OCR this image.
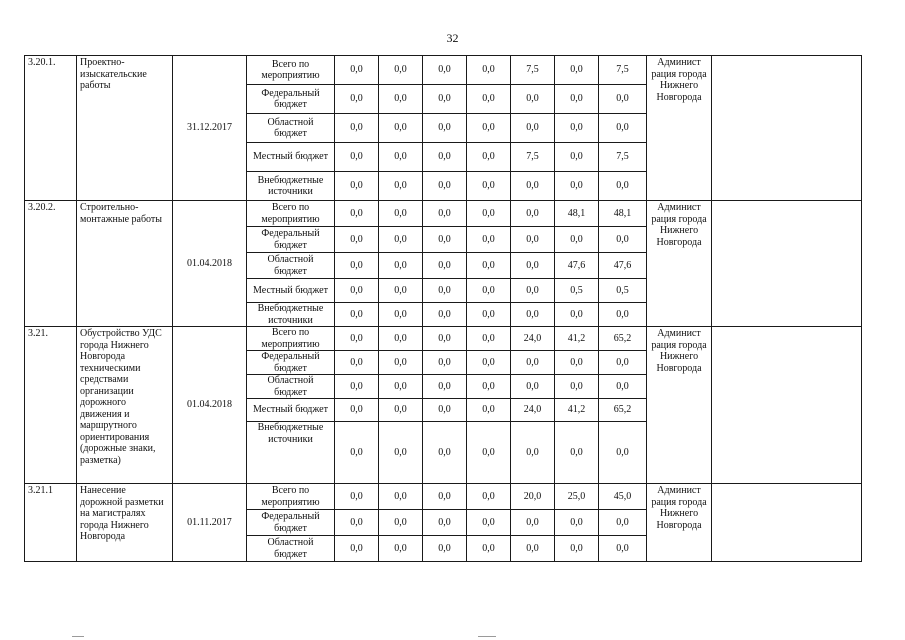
32
3.20.1.	Проектно-изыскательские работы	31.12.2017	Всего по мероприятию	0,0	0,0	0,0	0,0	7,5	0,0	7,5	Админист рация города Нижнего Новгорода	
			Федеральный бюджет	0,0	0,0	0,0	0,0	0,0	0,0	0,0		
			Областной бюджет	0,0	0,0	0,0	0,0	0,0	0,0	0,0		
			Местный бюджет	0,0	0,0	0,0	0,0	7,5	0,0	7,5		
			Внебюджетные источники	0,0	0,0	0,0	0,0	0,0	0,0	0,0		
3.20.2.	Строительно-монтажные работы	01.04.2018	Всего по мероприятию	0,0	0,0	0,0	0,0	0,0	48,1	48,1	Админист рация города Нижнего Новгорода	
			Федеральный бюджет	0,0	0,0	0,0	0,0	0,0	0,0	0,0		
			Областной бюджет	0,0	0,0	0,0	0,0	0,0	47,6	47,6		
			Местный бюджет	0,0	0,0	0,0	0,0	0,0	0,5	0,5		
			Внебюджетные источники	0,0	0,0	0,0	0,0	0,0	0,0	0,0		
3.21.	Обустройство УДС города Нижнего Новгорода техническими средствами организации дорожного движения и маршрутного ориентирования (дорожные знаки, разметка)	01.04.2018	Всего по мероприятию	0,0	0,0	0,0	0,0	24,0	41,2	65,2	Админист рация города Нижнего Новгорода	
			Федеральный бюджет	0,0	0,0	0,0	0,0	0,0	0,0	0,0		
			Областной бюджет	0,0	0,0	0,0	0,0	0,0	0,0	0,0		
			Местный бюджет	0,0	0,0	0,0	0,0	24,0	41,2	65,2		
			Внебюджетные источники	0,0	0,0	0,0	0,0	0,0	0,0	0,0		
3.21.1	Нанесение дорожной разметки на магистралях города Нижнего Новгорода	01.11.2017	Всего по мероприятию	0,0	0,0	0,0	0,0	20,0	25,0	45,0	Админист рация города Нижнего Новгорода	
			Федеральный бюджет	0,0	0,0	0,0	0,0	0,0	0,0	0,0		
			Областной бюджет	0,0	0,0	0,0	0,0	0,0	0,0	0,0		
